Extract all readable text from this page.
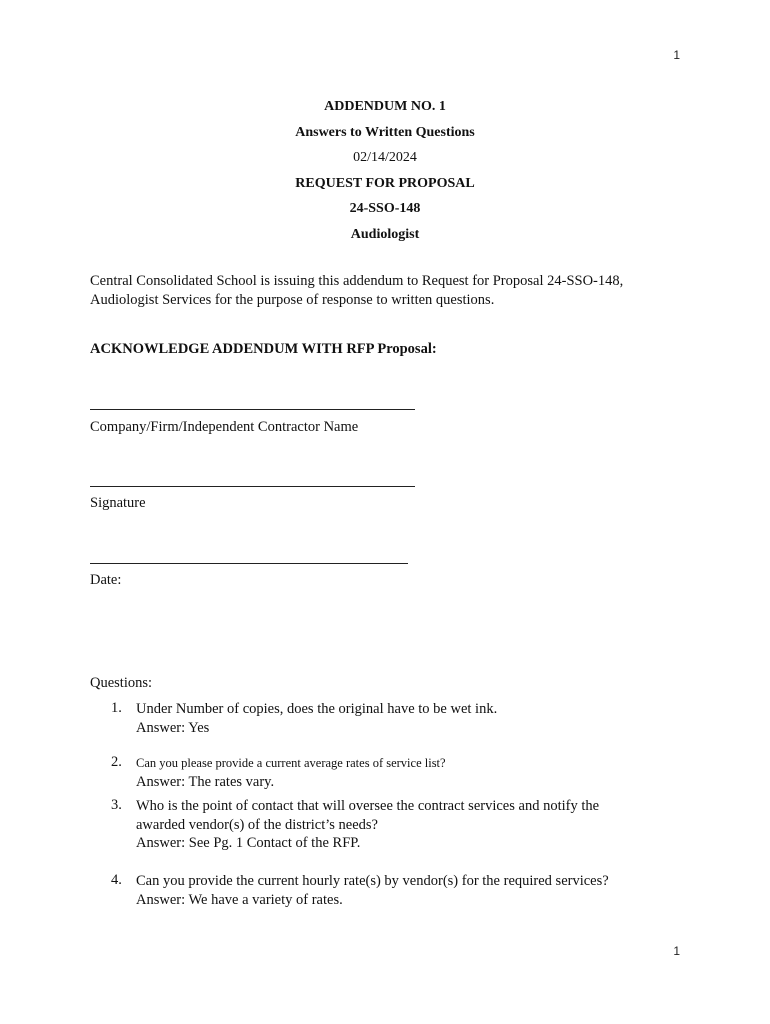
1
ADDENDUM NO. 1
Answers to Written Questions
02/14/2024
REQUEST FOR PROPOSAL
24-SSO-148
Audiologist
Central Consolidated School is issuing this addendum to Request for Proposal 24-SSO-148,
Audiologist Services for the purpose of response to written questions.
ACKNOWLEDGE ADDENDUM WITH RFP Proposal:
Company/Firm/Independent Contractor Name
Signature
Date:
Questions:
1. Under Number of copies, does the original have to be wet ink.
Answer: Yes
2. Can you please provide a current average rates of service list?
Answer: The rates vary.
3. Who is the point of contact that will oversee the contract services and notify the
awarded vendor(s) of the district’s needs?
Answer: See Pg. 1 Contact of the RFP.
4. Can you provide the current hourly rate(s) by vendor(s) for the required services?
Answer: We have a variety of rates.
1
